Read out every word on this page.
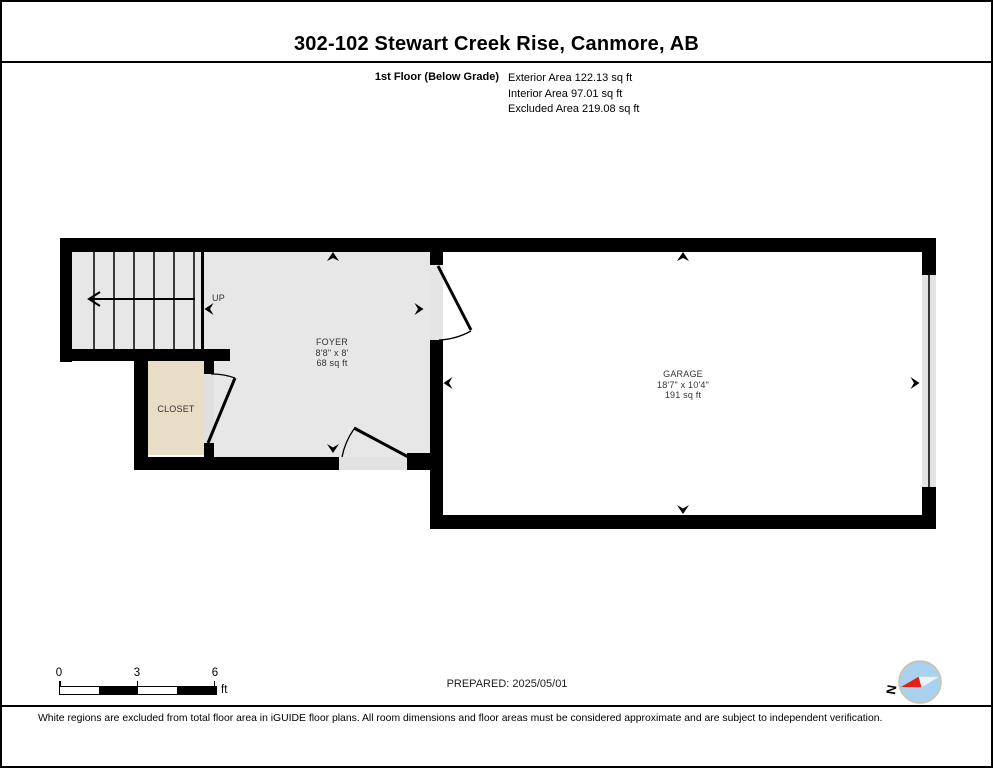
302-102 Stewart Creek Rise, Canmore, AB
1st Floor (Below Grade) Exterior Area 122.13 sq ft
Interior Area 97.01 sq ft
Excluded Area 219.08 sq ft
N
FOYER
8'8" x 8'
68 sq ft
GARAGE
18'7" x 10'4"
191 sq ft
CLOSET
UP
0	3	6
ft	PREPARED: 2025/05/01
White regions are excluded from total floor area in iGUIDE floor plans. All room dimensions and floor areas must be considered approximate and are subject to independent verification.
